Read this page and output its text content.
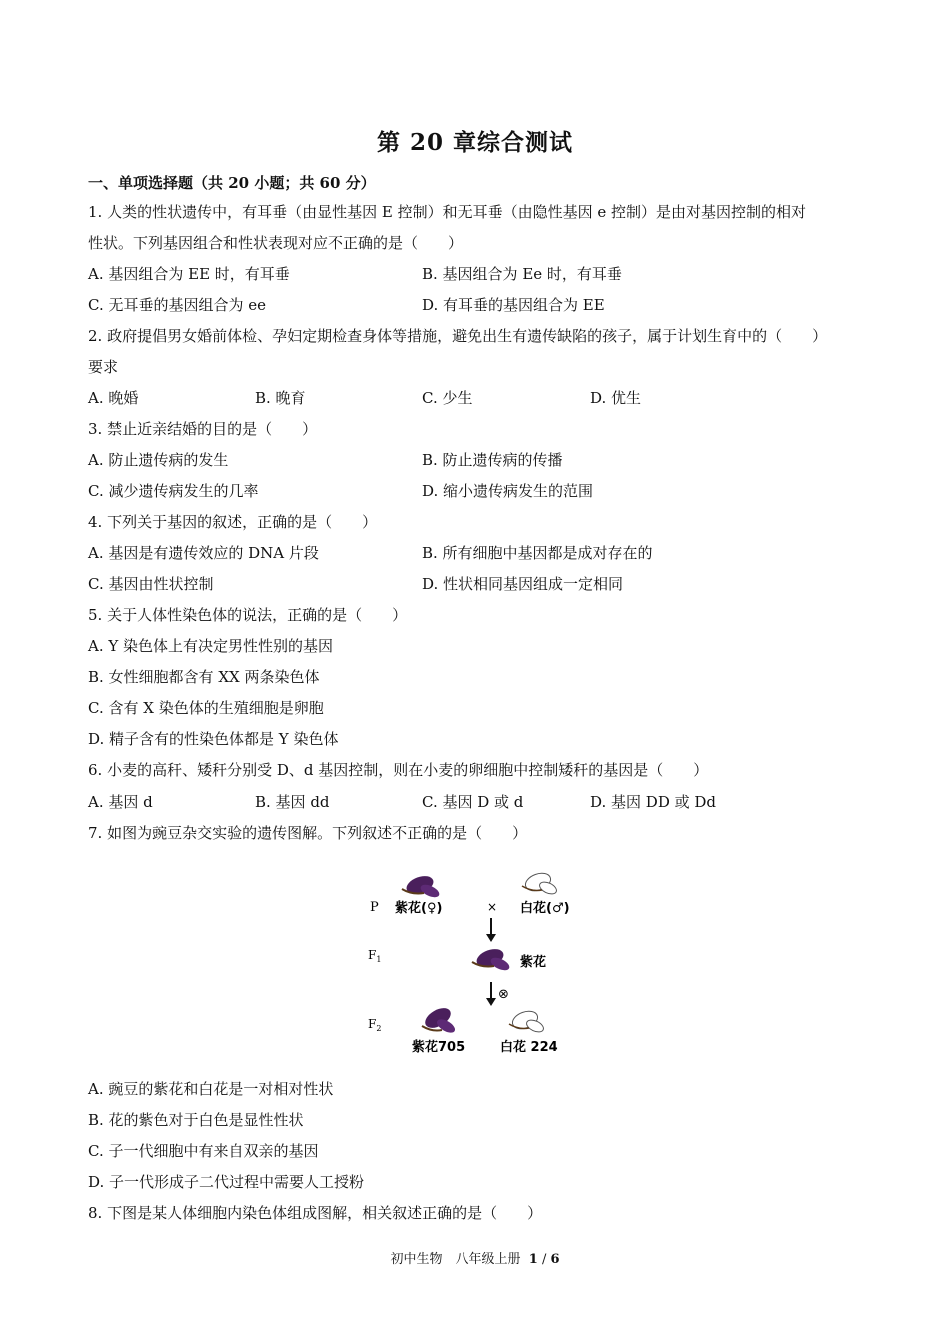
第 20 章综合测试
一、单项选择题（共 20 小题；共 60 分）
1. 人类的性状遗传中，有耳垂（由显性基因 E 控制）和无耳垂（由隐性基因 e 控制）是由对基因控制的相对
性状。下列基因组合和性状表现对应不正确的是（　　）
A. 基因组合为 EE 时，有耳垂	B. 基因组合为 Ee 时，有耳垂
C. 无耳垂的基因组合为 ee	D. 有耳垂的基因组合为 EE
2. 政府提倡男女婚前体检、孕妇定期检查身体等措施，避免出生有遗传缺陷的孩子，属于计划生育中的（　　）
要求
A. 晚婚	B. 晚育	C. 少生	D. 优生
3. 禁止近亲结婚的目的是（　　）
A. 防止遗传病的发生	B. 防止遗传病的传播
C. 减少遗传病发生的几率	D. 缩小遗传病发生的范围
4. 下列关于基因的叙述，正确的是（　　）
A. 基因是有遗传效应的 DNA 片段	B. 所有细胞中基因都是成对存在的
C. 基因由性状控制	D. 性状相同基因组成一定相同
5. 关于人体性染色体的说法，正确的是（　　）
A. Y 染色体上有决定男性性别的基因
B. 女性细胞都含有 XX 两条染色体
C. 含有 X 染色体的生殖细胞是卵胞
D. 精子含有的性染色体都是 Y 染色体
6. 小麦的高秆、矮秆分别受 D、d 基因控制，则在小麦的卵细胞中控制矮秆的基因是（　　）
A. 基因 d	B. 基因 dd	C. 基因 D 或 d	D. 基因 DD 或 Dd
7. 如图为豌豆杂交实验的遗传图解。下列叙述不正确的是（　　）
P
$F_1$
$F_2$
紫花(♀)	× 白花(♂)
紫花
⊗
紫花705	白花 224
A. 豌豆的紫花和白花是一对相对性状
B. 花的紫色对于白色是显性性状
C. 子一代细胞中有来自双亲的基因
D. 子一代形成子二代过程中需要人工授粉
8. 下图是某人体细胞内染色体组成图解，相关叙述正确的是（　　）
初中生物　八年级上册 1 / 6
